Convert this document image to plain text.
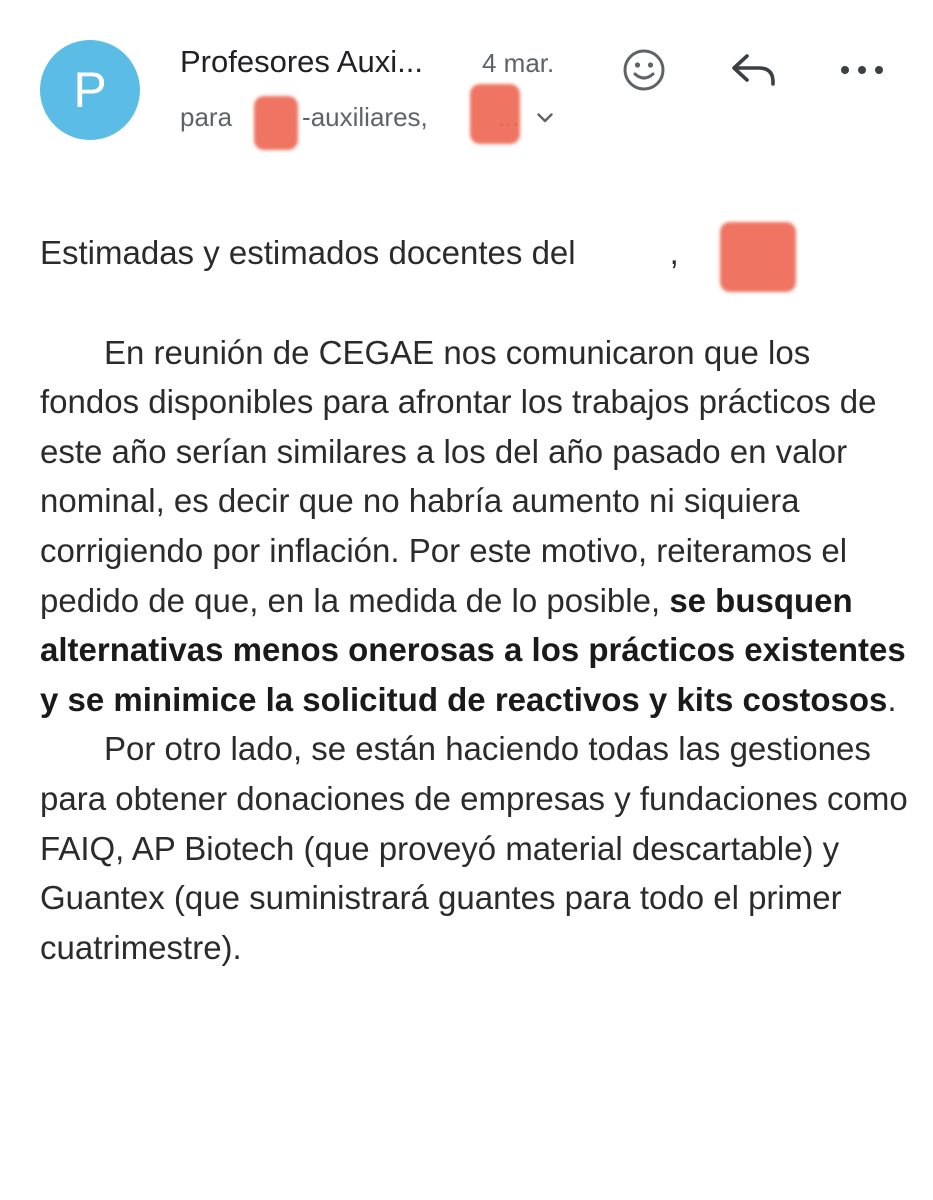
P
Profesores Auxi... 4 mar.
para	-auxiliares,

Estimadas y estimados docentes del	,

En reunión de CEGAE nos comunicaron que los fondos disponibles para afrontar los trabajos prácticos de este año serían similares a los del año pasado en valor nominal, es decir que no habría aumento ni siquiera corrigiendo por inflación. Por este motivo, reiteramos el pedido de que, en la medida de lo posible, se busquen alternativas menos onerosas a los prácticos existentes y se minimice la solicitud de reactivos y kits costosos.

Por otro lado, se están haciendo todas las gestiones para obtener donaciones de empresas y fundaciones como FAIQ, AP Biotech (que proveyó material descartable) y Guantex (que suministrará guantes para todo el primer cuatrimestre).
